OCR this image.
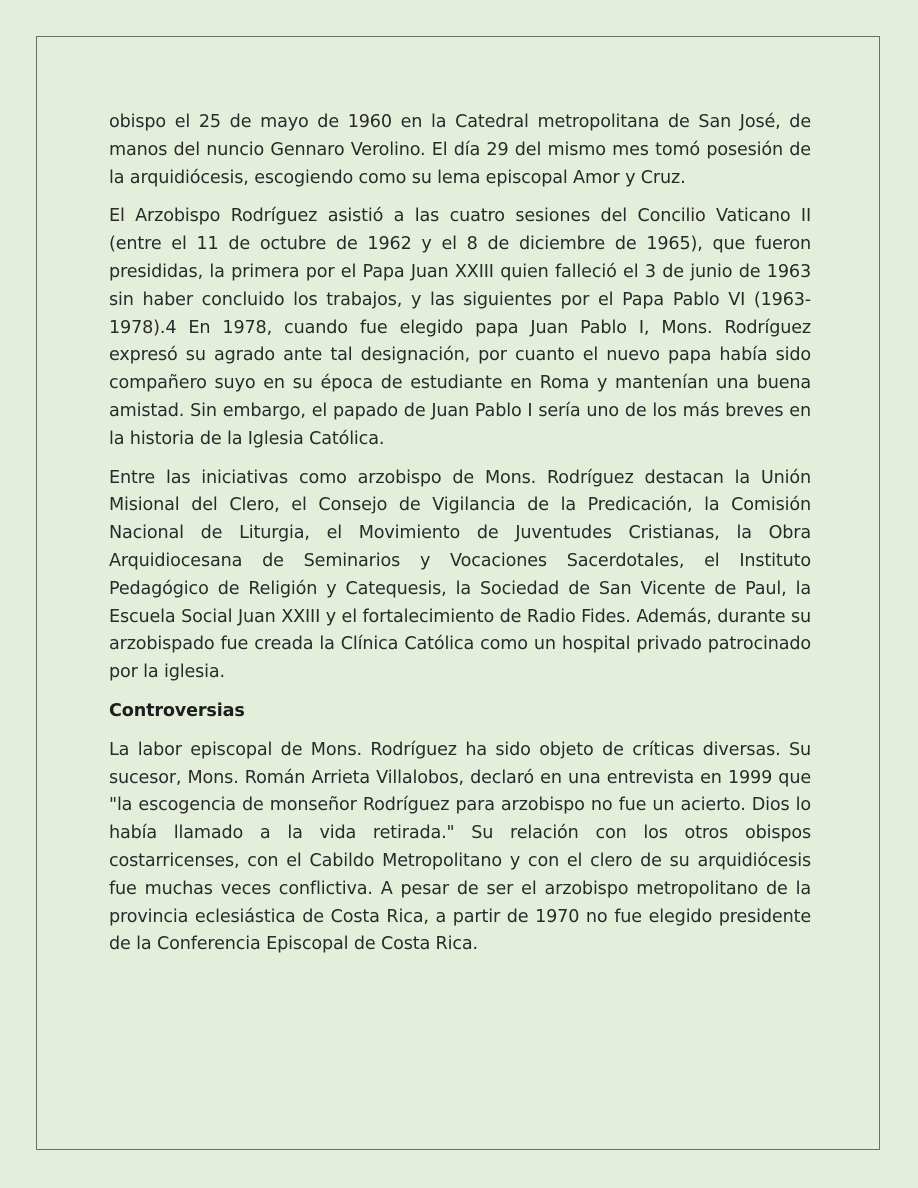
obispo el 25 de mayo de 1960 en la Catedral metropolitana de San José, de manos del nuncio Gennaro Verolino. El día 29 del mismo mes tomó posesión de la arquidiócesis, escogiendo como su lema episcopal Amor y Cruz.

El Arzobispo Rodríguez asistió a las cuatro sesiones del Concilio Vaticano II (entre el 11 de octubre de 1962 y el 8 de diciembre de 1965), que fueron presididas, la primera por el Papa Juan XXIII quien falleció el 3 de junio de 1963 sin haber concluido los trabajos, y las siguientes por el Papa Pablo VI (1963-1978).4 En 1978, cuando fue elegido papa Juan Pablo I, Mons. Rodríguez expresó su agrado ante tal designación, por cuanto el nuevo papa había sido compañero suyo en su época de estudiante en Roma y mantenían una buena amistad. Sin embargo, el papado de Juan Pablo I sería uno de los más breves en la historia de la Iglesia Católica.

Entre las iniciativas como arzobispo de Mons. Rodríguez destacan la Unión Misional del Clero, el Consejo de Vigilancia de la Predicación, la Comisión Nacional de Liturgia, el Movimiento de Juventudes Cristianas, la Obra Arquidiocesana de Seminarios y Vocaciones Sacerdotales, el Instituto Pedagógico de Religión y Catequesis, la Sociedad de San Vicente de Paul, la Escuela Social Juan XXIII y el fortalecimiento de Radio Fides. Además, durante su arzobispado fue creada la Clínica Católica como un hospital privado patrocinado por la iglesia.

Controversias

La labor episcopal de Mons. Rodríguez ha sido objeto de críticas diversas. Su sucesor, Mons. Román Arrieta Villalobos, declaró en una entrevista en 1999 que "la escogencia de monseñor Rodríguez para arzobispo no fue un acierto. Dios lo había llamado a la vida retirada." Su relación con los otros obispos costarricenses, con el Cabildo Metropolitano y con el clero de su arquidiócesis fue muchas veces conflictiva. A pesar de ser el arzobispo metropolitano de la provincia eclesiástica de Costa Rica, a partir de 1970 no fue elegido presidente de la Conferencia Episcopal de Costa Rica.
